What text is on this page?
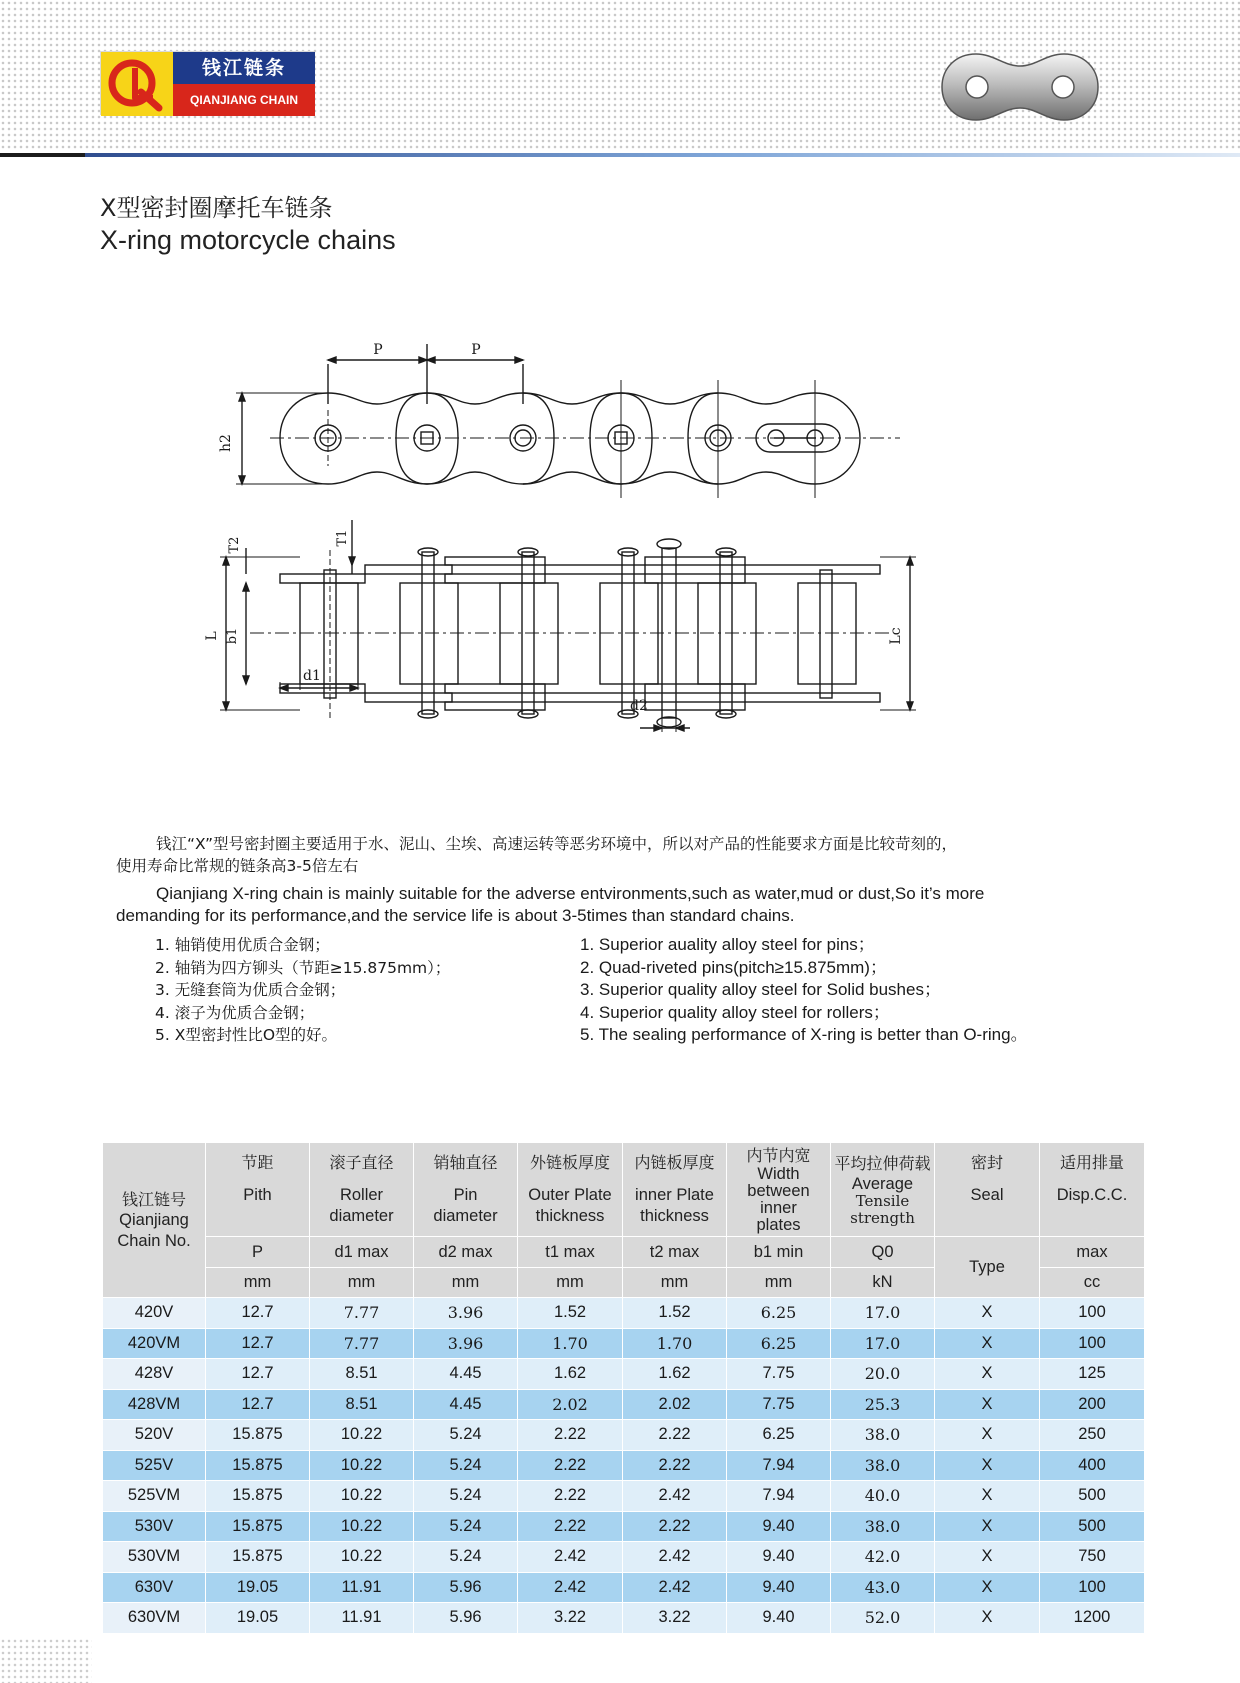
钱江链条
QIANJIANG CHAIN
X型密封圈摩托车链条
X-ring motorcycle chains
P	P
h2
L
T2
b1
T1
d1
d2
Lc
钱江“X”型号密封圈主要适用于水、泥山、尘埃、高速运转等恶劣环境中，所以对产品的性能要求方面是比较苛刻的，
使用寿命比常规的链条高3-5倍左右
Qianjiang X-ring chain is mainly suitable for the adverse entvironments,such as water,mud or dust,So it’s more
demanding for its performance,and the service life is about 3-5times than standard chains.
1. 轴销使用优质合金钢；
2. 轴销为四方铆头（节距≥15.875mm）；
3. 无缝套筒为优质合金钢；
4. 滚子为优质合金钢；
5. X型密封性比O型的好。
1. Superior auality alloy steel for pins；
2. Quad-riveted pins(pitch≥15.875mm)；
3. Superior quality alloy steel for Solid bushes；
4. Superior quality alloy steel for rollers；
5. The sealing performance of X-ring is better than O-ring。
钱江链号
Qianjiang
Chain No.	节距
Pith	滚子直径
Roller
diameter	销轴直径
Pin
diameter	外链板厚度
Outer Plate
thickness	内链板厚度
inner Plate
thickness	内节内宽
Width
between
inner
plates	平均拉伸荷载
Average
Tensile
strength	密封
Seal	适用排量
Disp.C.C.

	P	d1 max	d2 max	t1 max	t2 max	b1 min	Q0	Type	max
	mm	mm	mm	mm	mm	mm	kN		cc
420V	12.7	7.77	3.96	1.52	1.52	6.25	17.0	X	100
420VM	12.7	7.77	3.96	1.70	1.70	6.25	17.0	X	100
428V	12.7	8.51	4.45	1.62	1.62	7.75	20.0	X	125
428VM	12.7	8.51	4.45	2.02	2.02	7.75	25.3	X	200
520V	15.875	10.22	5.24	2.22	2.22	6.25	38.0	X	250
525V	15.875	10.22	5.24	2.22	2.22	7.94	38.0	X	400
525VM	15.875	10.22	5.24	2.22	2.42	7.94	40.0	X	500
530V	15.875	10.22	5.24	2.22	2.22	9.40	38.0	X	500
530VM	15.875	10.22	5.24	2.42	2.42	9.40	42.0	X	750
630V	19.05	11.91	5.96	2.42	2.42	9.40	43.0	X	100
630VM	19.05	11.91	5.96	3.22	3.22	9.40	52.0	X	1200
